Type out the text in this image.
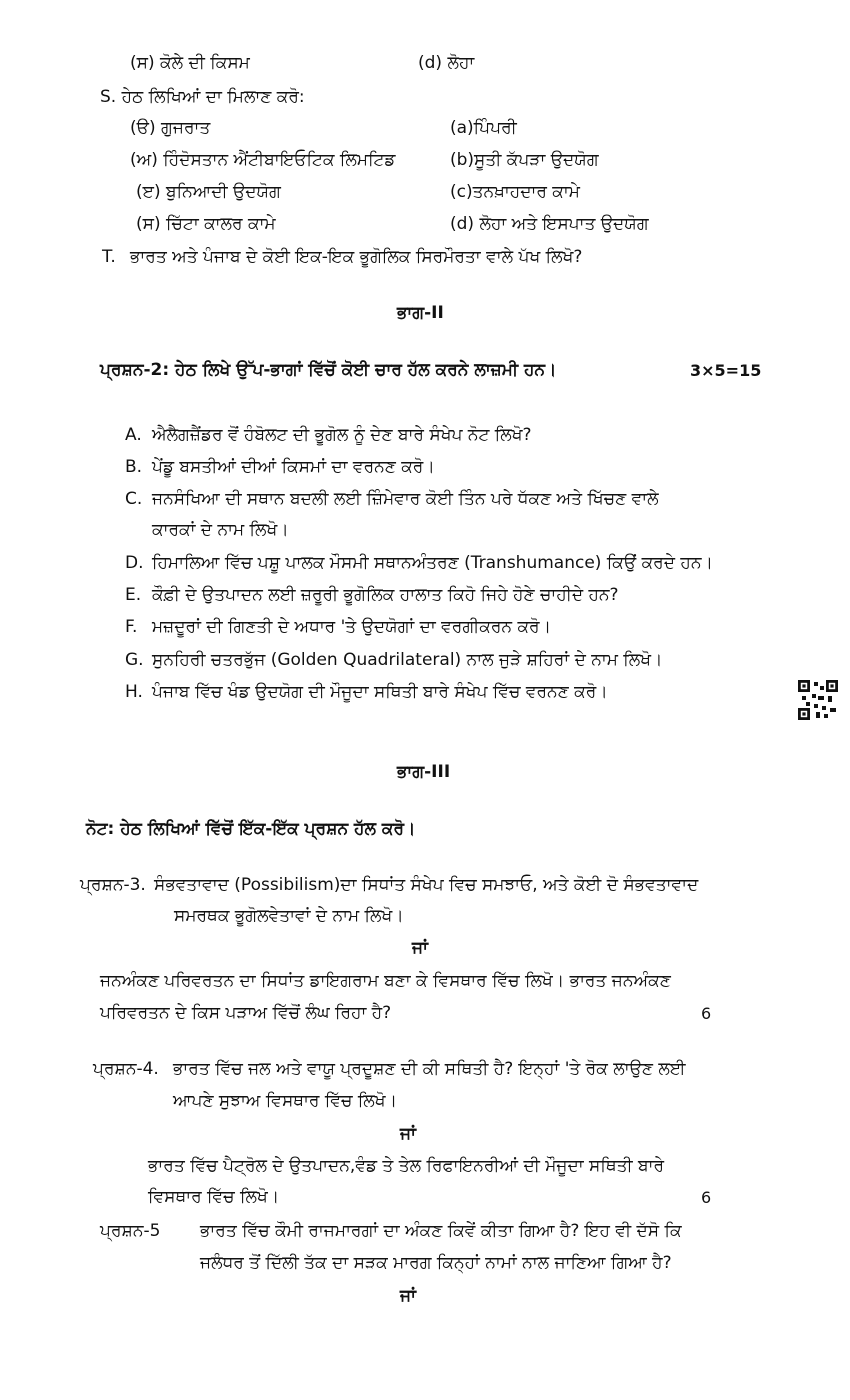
(ਸ) ਕੋਲੇ ਦੀ ਕਿਸਮ	(d) ਲੋਹਾ
S. ਹੇਠ ਲਿਖਿਆਂ ਦਾ ਮਿਲਾਣ ਕਰੋ:
(ੳ) ਗੁਜਰਾਤ	(a)ਪਿੰਪਰੀ
(ਅ) ਹਿੰਦੋਸਤਾਨ ਐਂਟੀਬਾਇਓਟਿਕ ਲਿਮਟਿਡ	(b)ਸੂਤੀ ਕੱਪੜਾ ਉਦਯੋਗ
(ੲ) ਬੁਨਿਆਦੀ ਉਦਯੋਗ	(c)ਤਨਖ਼ਾਹਦਾਰ ਕਾਮੇ
(ਸ) ਚਿੱਟਾ ਕਾਲਰ ਕਾਮੇ	(d) ਲੋਹਾ ਅਤੇ ਇਸਪਾਤ ਉਦਯੋਗ
T. ਭਾਰਤ ਅਤੇ ਪੰਜਾਬ ਦੇ ਕੋਈ ਇਕ-ਇਕ ਭੂਗੋਲਿਕ ਸਿਰਮੌਰਤਾ ਵਾਲੇ ਪੱਖ ਲਿਖੋ?
ਭਾਗ-II
ਪ੍ਰਸ਼ਨ-2: ਹੇਠ ਲਿਖੇ ਉੱਪ-ਭਾਗਾਂ ਵਿੱਚੋਂ ਕੋਈ ਚਾਰ ਹੱਲ ਕਰਨੇ ਲਾਜ਼ਮੀ ਹਨ।	3×5=15
A. ਐਲੈਗਜ਼ੈਂਡਰ ਵੋਂ ਹੰਬੋਲਟ ਦੀ ਭੂਗੋਲ ਨੂੰ ਦੇਣ ਬਾਰੇ ਸੰਖੇਪ ਨੋਟ ਲਿਖੋ?
B. ਪੇਂਡੂ ਬਸਤੀਆਂ ਦੀਆਂ ਕਿਸਮਾਂ ਦਾ ਵਰਨਣ ਕਰੋ।
C. ਜਨਸੰਖਿਆ ਦੀ ਸਥਾਨ ਬਦਲੀ ਲਈ ਜ਼ਿੰਮੇਵਾਰ ਕੋਈ ਤਿੰਨ ਪਰੇ ਧੱਕਣ ਅਤੇ ਖਿੱਚਣ ਵਾਲੇ
ਕਾਰਕਾਂ ਦੇ ਨਾਮ ਲਿਖੋ।
D. ਹਿਮਾਲਿਆ ਵਿੱਚ ਪਸ਼ੂ ਪਾਲਕ ਮੌਸਮੀ ਸਥਾਨਅੰਤਰਣ (Transhumance) ਕਿਉਂ ਕਰਦੇ ਹਨ।
E. ਕੌਫ਼ੀ ਦੇ ਉਤਪਾਦਨ ਲਈ ਜ਼ਰੂਰੀ ਭੂਗੋਲਿਕ ਹਾਲਾਤ ਕਿਹੋ ਜਿਹੇ ਹੋਣੇ ਚਾਹੀਦੇ ਹਨ?
F. ਮਜ਼ਦੂਰਾਂ ਦੀ ਗਿਣਤੀ ਦੇ ਅਧਾਰ 'ਤੇ ਉਦਯੋਗਾਂ ਦਾ ਵਰਗੀਕਰਨ ਕਰੋ।
G. ਸੁਨਹਿਰੀ ਚਤਰਭੁੱਜ (Golden Quadrilateral) ਨਾਲ ਜੁੜੇ ਸ਼ਹਿਰਾਂ ਦੇ ਨਾਮ ਲਿਖੋ।
H. ਪੰਜਾਬ ਵਿੱਚ ਖੰਡ ਉਦਯੋਗ ਦੀ ਮੌਜੂਦਾ ਸਥਿਤੀ ਬਾਰੇ ਸੰਖੇਪ ਵਿੱਚ ਵਰਨਣ ਕਰੋ।
ਭਾਗ-III
ਨੋਟ: ਹੇਠ ਲਿਖਿਆਂ ਵਿੱਚੋਂ ਇੱਕ-ਇੱਕ ਪ੍ਰਸ਼ਨ ਹੱਲ ਕਰੋ।
ਪ੍ਰਸ਼ਨ-3. ਸੰਭਵਤਾਵਾਦ (Possibilism)ਦਾ ਸਿਧਾਂਤ ਸੰਖੇਪ ਵਿਚ ਸਮਝਾਓ, ਅਤੇ ਕੋਈ ਦੋ ਸੰਭਵਤਾਵਾਦ
ਸਮਰਥਕ ਭੂਗੋਲਵੇਤਾਵਾਂ ਦੇ ਨਾਮ ਲਿਖੋ।
ਜਾਂ
ਜਨਅੰਕਣ ਪਰਿਵਰਤਨ ਦਾ ਸਿਧਾਂਤ ਡਾਇਗਰਾਮ ਬਣਾ ਕੇ ਵਿਸਥਾਰ ਵਿੱਚ ਲਿਖੋ। ਭਾਰਤ ਜਨਅੰਕਣ
ਪਰਿਵਰਤਨ ਦੇ ਕਿਸ ਪੜਾਅ ਵਿੱਚੋਂ ਲੰਘ ਰਿਹਾ ਹੈ?	6
ਪ੍ਰਸ਼ਨ-4. ਭਾਰਤ ਵਿੱਚ ਜਲ ਅਤੇ ਵਾਯੂ ਪ੍ਰਦੂਸ਼ਣ ਦੀ ਕੀ ਸਥਿਤੀ ਹੈ? ਇਨ੍ਹਾਂ 'ਤੇ ਰੋਕ ਲਾਉਣ ਲਈ
ਆਪਣੇ ਸੁਝਾਅ ਵਿਸਥਾਰ ਵਿੱਚ ਲਿਖੋ।
ਜਾਂ
ਭਾਰਤ ਵਿੱਚ ਪੈਟ੍ਰੋਲ ਦੇ ਉਤਪਾਦਨ,ਵੰਡ ਤੇ ਤੇਲ ਰਿਫਾਇਨਰੀਆਂ ਦੀ ਮੌਜੂਦਾ ਸਥਿਤੀ ਬਾਰੇ
ਵਿਸਥਾਰ ਵਿੱਚ ਲਿਖੋ।	6
ਪ੍ਰਸ਼ਨ-5 ਭਾਰਤ ਵਿੱਚ ਕੌਮੀ ਰਾਜਮਾਰਗਾਂ ਦਾ ਅੰਕਣ ਕਿਵੇਂ ਕੀਤਾ ਗਿਆ ਹੈ? ਇਹ ਵੀ ਦੱਸੋ ਕਿ
ਜਲੰਧਰ ਤੋਂ ਦਿੱਲੀ ਤੱਕ ਦਾ ਸੜਕ ਮਾਰਗ ਕਿਨ੍ਹਾਂ ਨਾਮਾਂ ਨਾਲ ਜਾਣਿਆ ਗਿਆ ਹੈ?
ਜਾਂ
